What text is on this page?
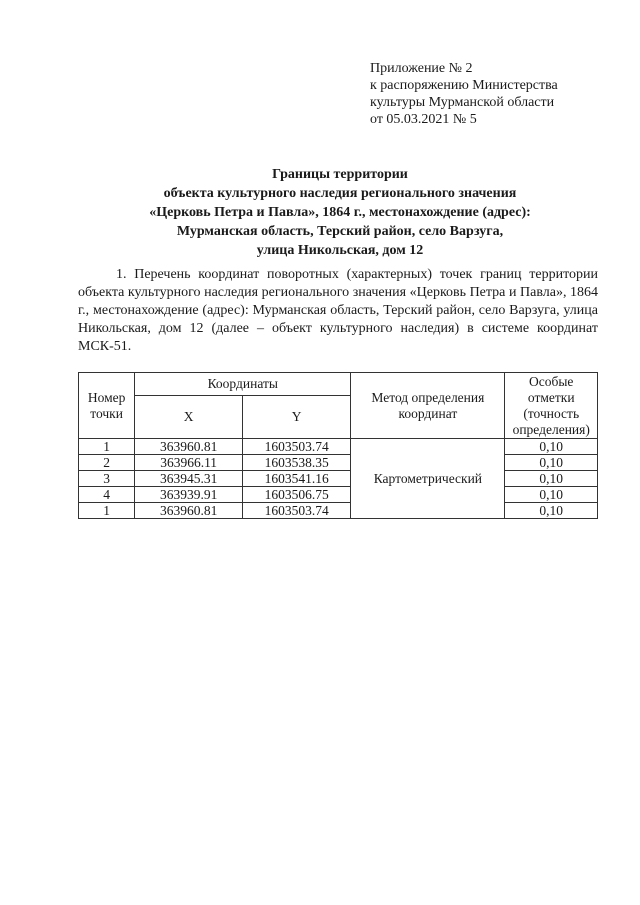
Приложение № 2
к распоряжению Министерства
культуры Мурманской области
от 05.03.2021 № 5
Границы территории
объекта культурного наследия регионального значения
«Церковь Петра и Павла», 1864 г., местонахождение (адрес):
Мурманская область, Терский район, село Варзуга,
улица Никольская, дом 12
1. Перечень координат поворотных (характерных) точек границ территории объекта культурного наследия регионального значения «Церковь Петра и Павла», 1864 г., местонахождение (адрес): Мурманская область, Терский район, село Варзуга, улица Никольская, дом 12 (далее – объект культурного наследия) в системе координат МСК-51.
Номер точки	Координаты		Метод определения координат	Особые отметки (точность определения)
	X	Y		
1	363960.81	1603503.74	Картометрический	0,10
2	363966.11	1603538.35		0,10
3	363945.31	1603541.16		0,10
4	363939.91	1603506.75		0,10
1	363960.81	1603503.74		0,10
